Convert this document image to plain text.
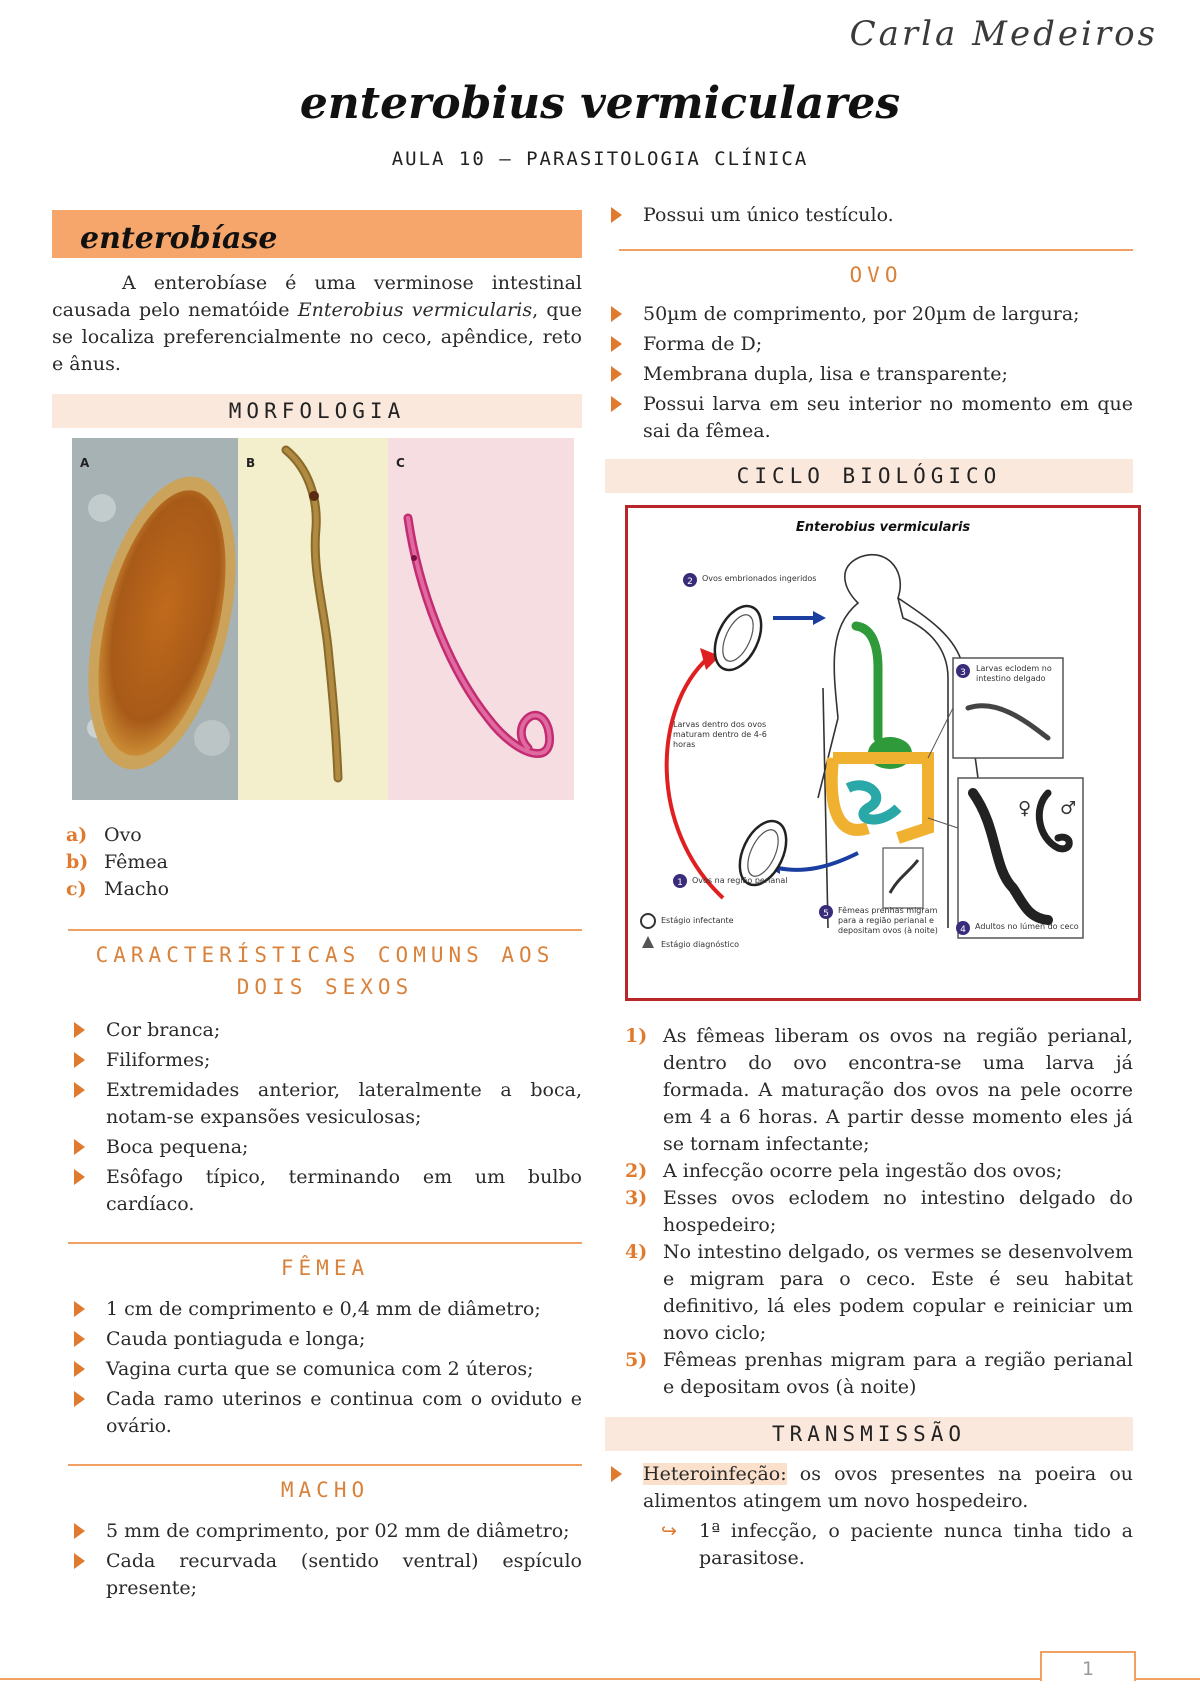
Carla Medeiros
enterobius vermiculares
AULA 10 – PARASITOLOGIA CLÍNICA
enterobíase

A enterobíase é uma verminose intestinal causada pelo nematóide Enterobius vermicularis, que se localiza preferencialmente no ceco, apêndice, reto e ânus.

MORFOLOGIA
A	B	C
a) Ovo
b) Fêmea
c) Macho
CARACTERÍSTICAS COMUNS AOS DOIS SEXOS
Cor branca;
Filiformes;
Extremidades anterior, lateralmente a boca, notam-se expansões vesiculosas;
Boca pequena;
Esôfago típico, terminando em um bulbo cardíaco.
FÊMEA
1 cm de comprimento e 0,4 mm de diâmetro;
Cauda pontiaguda e longa;
Vagina curta que se comunica com 2 úteros;
Cada ramo uterinos e continua com o oviduto e ovário.
MACHO
5 mm de comprimento, por 02 mm de diâmetro;
Cada recurvada (sentido ventral) espículo presente;
Possui um único testículo.
OVO
50µm de comprimento, por 20µm de largura;
Forma de D;
Membrana dupla, lisa e transparente;
Possui larva em seu interior no momento em que sai da fêmea.
CICLO BIOLÓGICO
2
1
3
4
5
Enterobius vermicularis
Ovos embrionados ingeridos
Larvas eclodem no intestino delgado
Larvas dentro dos ovos maturam dentro de 4-6 horas
Ovos na região perianal
Fêmeas prenhas migram para a região perianal e depositam ovos (à noite)	Adultos no lúmen do ceco
Estágio infectante
Estágio diagnóstico
♀ ♂
1) As fêmeas liberam os ovos na região perianal, dentro do ovo encontra-se uma larva já formada. A maturação dos ovos na pele ocorre em 4 a 6 horas. A partir desse momento eles já se tornam infectante;
2) A infecção ocorre pela ingestão dos ovos;
3) Esses ovos eclodem no intestino delgado do hospedeiro;
4) No intestino delgado, os vermes se desenvolvem e migram para o ceco. Este é seu habitat definitivo, lá eles podem copular e reiniciar um novo ciclo;
5) Fêmeas prenhas migram para a região perianal e depositam ovos (à noite)
TRANSMISSÃO
Heteroinfeção: os ovos presentes na poeira ou alimentos atingem um novo hospedeiro.
↪ 1ª infecção, o paciente nunca tinha tido a parasitose.
1
